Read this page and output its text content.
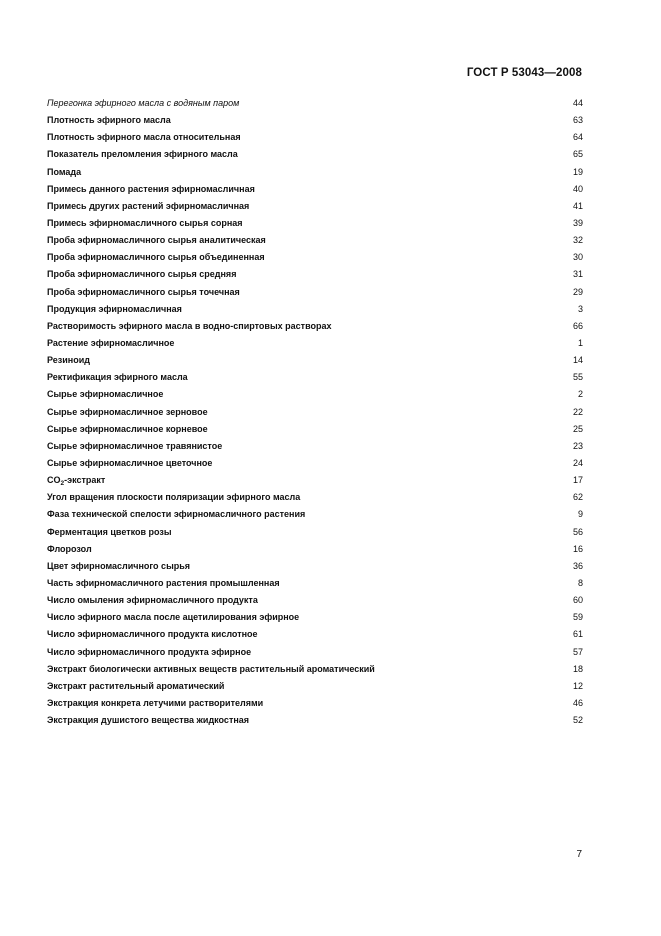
ГОСТ Р 53043—2008
Перегонка эфирного масла с водяным паром	44
Плотность эфирного масла	63
Плотность эфирного масла относительная	64
Показатель преломления эфирного масла	65
Помада	19
Примесь данного растения эфирномасличная	40
Примесь других растений эфирномасличная	41
Примесь эфирномасличного сырья сорная	39
Проба эфирномасличного сырья аналитическая	32
Проба эфирномасличного сырья объединенная	30
Проба эфирномасличного сырья средняя	31
Проба эфирномасличного сырья точечная	29
Продукция эфирномасличная	3
Растворимость эфирного масла в водно-спиртовых растворах	66
Растение эфирномасличное	1
Резиноид	14
Ректификация эфирного масла	55
Сырье эфирномасличное	2
Сырье эфирномасличное зерновое	22
Сырье эфирномасличное корневое	25
Сырье эфирномасличное травянистое	23
Сырье эфирномасличное цветочное	24
$CO_2$-экстракт	17
Угол вращения плоскости поляризации эфирного масла	62
Фаза технической спелости эфирномасличного растения	9
Ферментация цветков розы	56
Флорозол	16
Цвет эфирномасличного сырья	36
Часть эфирномасличного растения промышленная	8
Число омыления эфирномасличного продукта	60
Число эфирного масла после ацетилирования эфирное	59
Число эфирномасличного продукта кислотное	61
Число эфирномасличного продукта эфирное	57
Экстракт биологически активных веществ растительный ароматический	18
Экстракт растительный ароматический	12
Экстракция конкрета летучими растворителями	46
Экстракция душистого вещества жидкостная	52
7
